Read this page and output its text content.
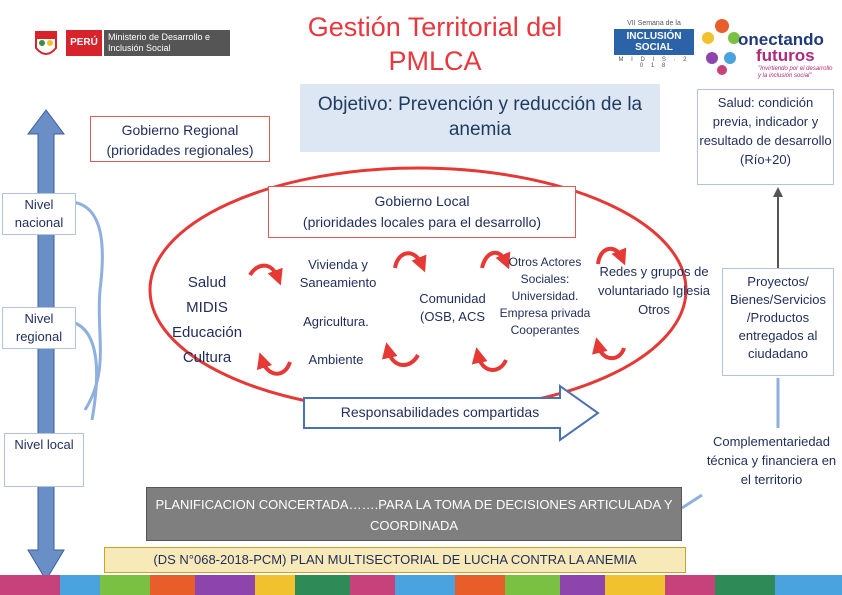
Gestión Territorial del PMLCA
PERÚ	Ministerio de Desarrollo e Inclusión Social
VII Semana de la
INCLUSIÓN SOCIAL
M I D I S · 2 0 1 8
onectando
futuros
"Invirtiendo por el desarrollo y la inclusión social"
Objetivo: Prevención y reducción de la anemia
Gobierno Regional (prioridades regionales)
Salud: condición previa, indicador y resultado de desarrollo (Río+20)
Gobierno Local
(prioridades locales para el desarrollo)
Nivel nacional
Nivel regional
Nivel local
Salud
MIDIS
Educación
Cultura
Vivienda y Saneamiento
Agricultura.
Ambiente
Comunidad (OSB, ACS
Otros Actores Sociales: Universidad. Empresa privada Cooperantes
Redes y grupos de voluntariado Iglesia Otros
Proyectos/ Bienes/Servicios /Productos entregados al ciudadano
Complementariedad técnica y financiera en el territorio
Responsabilidades compartidas
PLANIFICACION CONCERTADA…….PARA LA TOMA DE DECISIONES ARTICULADA Y COORDINADA
(DS N°068-2018-PCM) PLAN MULTISECTORIAL DE LUCHA CONTRA LA ANEMIA
